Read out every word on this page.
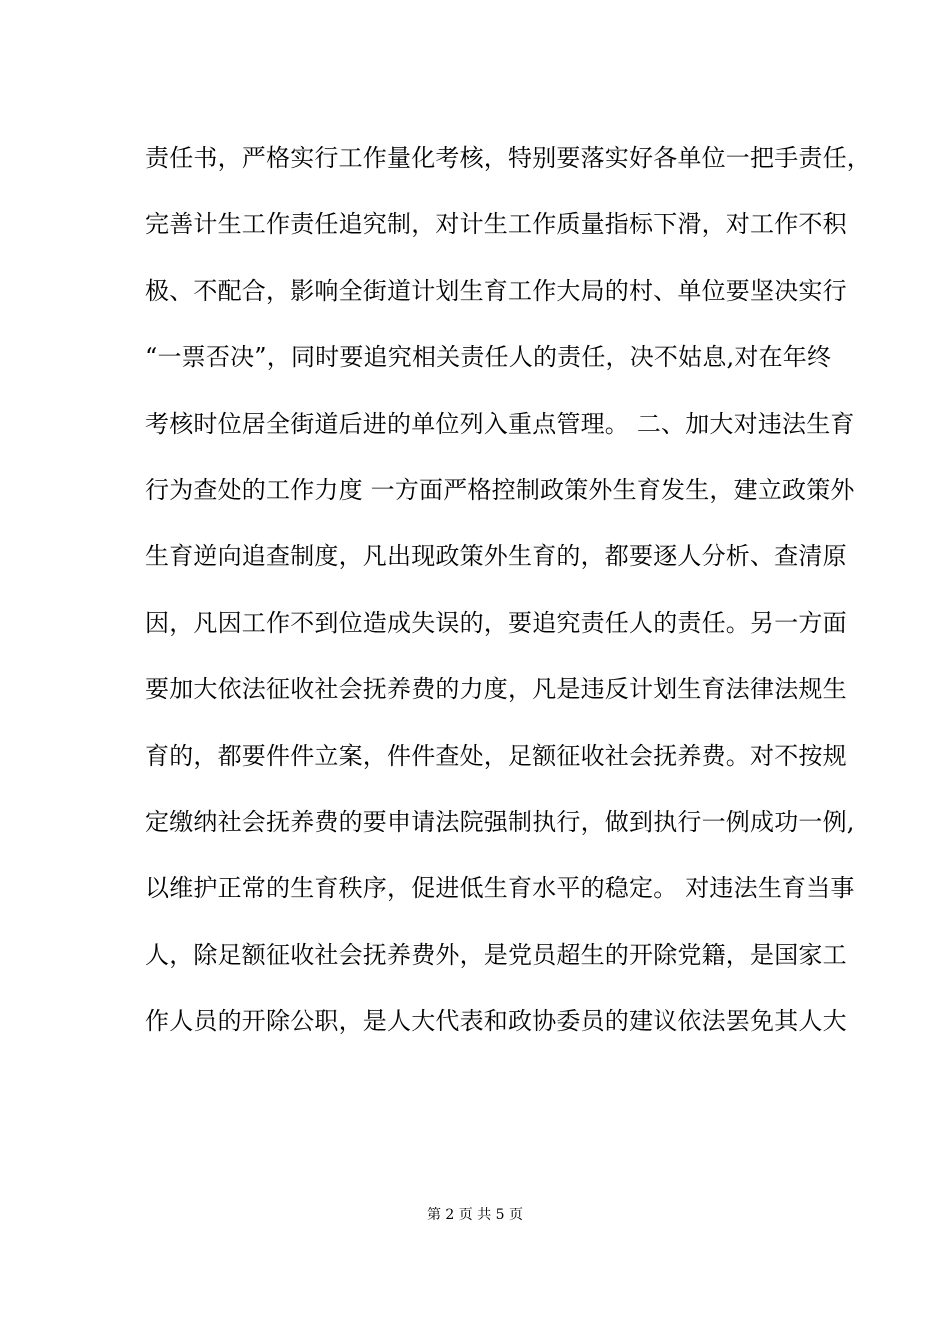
责任书，严格实行工作量化考核，特别要落实好各单位一把手责任，
完善计生工作责任追究制，对计生工作质量指标下滑，对工作不积
极、不配合，影响全街道计划生育工作大局的村、单位要坚决实行
“一票否决”，同时要追究相关责任人的责任，决不姑息,对在年终
考核时位居全街道后进的单位列入重点管理。 二、加大对违法生育
行为查处的工作力度 一方面严格控制政策外生育发生，建立政策外
生育逆向追查制度，凡出现政策外生育的，都要逐人分析、查清原
因，凡因工作不到位造成失误的，要追究责任人的责任。另一方面
要加大依法征收社会抚养费的力度，凡是违反计划生育法律法规生
育的，都要件件立案，件件查处，足额征收社会抚养费。对不按规
定缴纳社会抚养费的要申请法院强制执行，做到执行一例成功一例,
以维护正常的生育秩序，促进低生育水平的稳定。 对违法生育当事
人，除足额征收社会抚养费外，是党员超生的开除党籍，是国家工
作人员的开除公职，是人大代表和政协委员的建议依法罢免其人大
第 2 页 共 5 页
